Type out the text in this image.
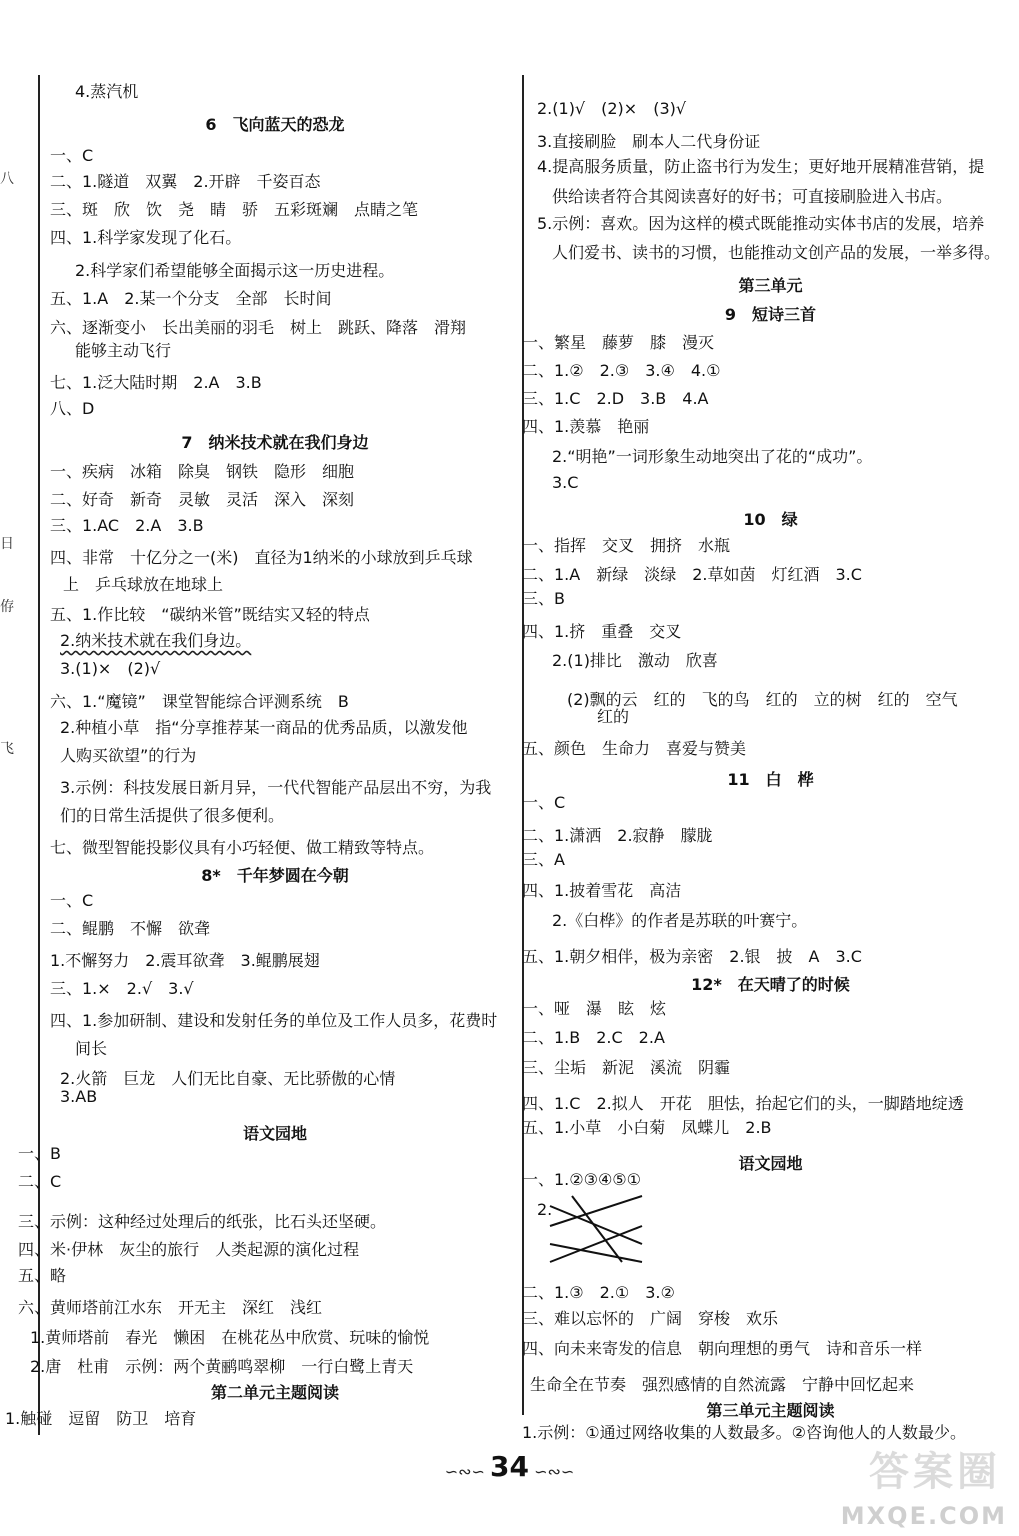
八
日
侟
飞
4.蒸汽机
6　飞向蓝天的恐龙
一、C
二、1.隧道　双翼　2.开辟　千姿百态
三、斑　欣　饮　尧　睛　骄　五彩斑斓　点睛之笔
四、1.科学家发现了化石。
2.科学家们希望能够全面揭示这一历史进程。
五、1.A　2.某一个分支　全部　长时间
六、逐渐变小　长出美丽的羽毛　树上　跳跃、降落　滑翔
能够主动飞行
七、1.泛大陆时期　2.A　3.B
八、D
7　纳米技术就在我们身边
一、疾病　冰箱　除臭　钢铁　隐形　细胞
二、好奇　新奇　灵敏　灵活　深入　深刻
三、1.AC　2.A　3.B
四、非常　十亿分之一(米)　直径为1纳米的小球放到乒乓球
上　乒乓球放在地球上
五、1.作比较　“碳纳米管”既结实又轻的特点
2.纳米技术就在我们身边。
3.(1)×　(2)√
六、1.“魔镜”　课堂智能综合评测系统　B
2.种植小草　指“分享推荐某一商品的优秀品质，以激发他
人购买欲望”的行为
3.示例：科技发展日新月异，一代代智能产品层出不穷，为我
们的日常生活提供了很多便利。
七、微型智能投影仪具有小巧轻便、做工精致等特点。
8*　千年梦圆在今朝
一、C
二、鲲鹏　不懈　欲聋
1.不懈努力　2.震耳欲聋　3.鲲鹏展翅
三、1.×　2.√　3.√
四、1.参加研制、建设和发射任务的单位及工作人员多，花费时
间长
2.火箭　巨龙　人们无比自豪、无比骄傲的心情
3.AB
语文园地
一、B
二、C
三、示例：这种经过处理后的纸张，比石头还坚硬。
四、米·伊林　灰尘的旅行　人类起源的演化过程
五、略
六、黄师塔前江水东　开无主　深红　浅红
1.黄师塔前　春光　懒困　在桃花丛中欣赏、玩味的愉悦
2.唐　杜甫　示例：两个黄鹂鸣翠柳　一行白鹭上青天
第二单元主题阅读
1.触碰　逗留　防卫　培育
2.(1)√　(2)×　(3)√
3.直接刷脸　刷本人二代身份证
4.提高服务质量，防止盗书行为发生；更好地开展精准营销，提
供给读者符合其阅读喜好的好书；可直接刷脸进入书店。
5.示例：喜欢。因为这样的模式既能推动实体书店的发展，培养
人们爱书、读书的习惯，也能推动文创产品的发展，一举多得。
第三单元
9　短诗三首
一、繁星　藤萝　膝　漫灭
二、1.②　2.③　3.④　4.①
三、1.C　2.D　3.B　4.A
四、1.羡慕　艳丽
2.“明艳”一词形象生动地突出了花的“成功”。
3.C
10　绿
一、指挥　交叉　拥挤　水瓶
二、1.A　新绿　淡绿　2.草如茵　灯红酒　3.C
三、B
四、1.挤　重叠　交叉
2.(1)排比　激动　欣喜
(2)飘的云　红的　飞的鸟　红的　立的树　红的　空气
红的
五、颜色　生命力　喜爱与赞美
11　白　桦
一、C
二、1.潇洒　2.寂静　朦胧
三、A
四、1.披着雪花　高洁
2.《白桦》的作者是苏联的叶赛宁。
五、1.朝夕相伴，极为亲密　2.银　披　A　3.C
12*　在天晴了的时候
一、哑　瀑　眩　炫
二、1.B　2.C　2.A
三、尘垢　新泥　溪流　阴霾
四、1.C　2.拟人　开花　胆怯，抬起它们的头，一脚踏地绽透
五、1.小草　小白菊　凤蝶儿　2.B
语文园地
一、1.②③④⑤①
2.
二、1.③　2.①　3.②
三、难以忘怀的　广阔　穿梭　欢乐
四、向未来寄发的信息　朝向理想的勇气　诗和音乐一样
生命全在节奏　强烈感情的自然流露　宁静中回忆起来
第三单元主题阅读
1.示例：①通过网络收集的人数最多。②咨询他人的人数最少。
∽∾∽ 34 ∽∾∽	答案圈
MXQE.COM
